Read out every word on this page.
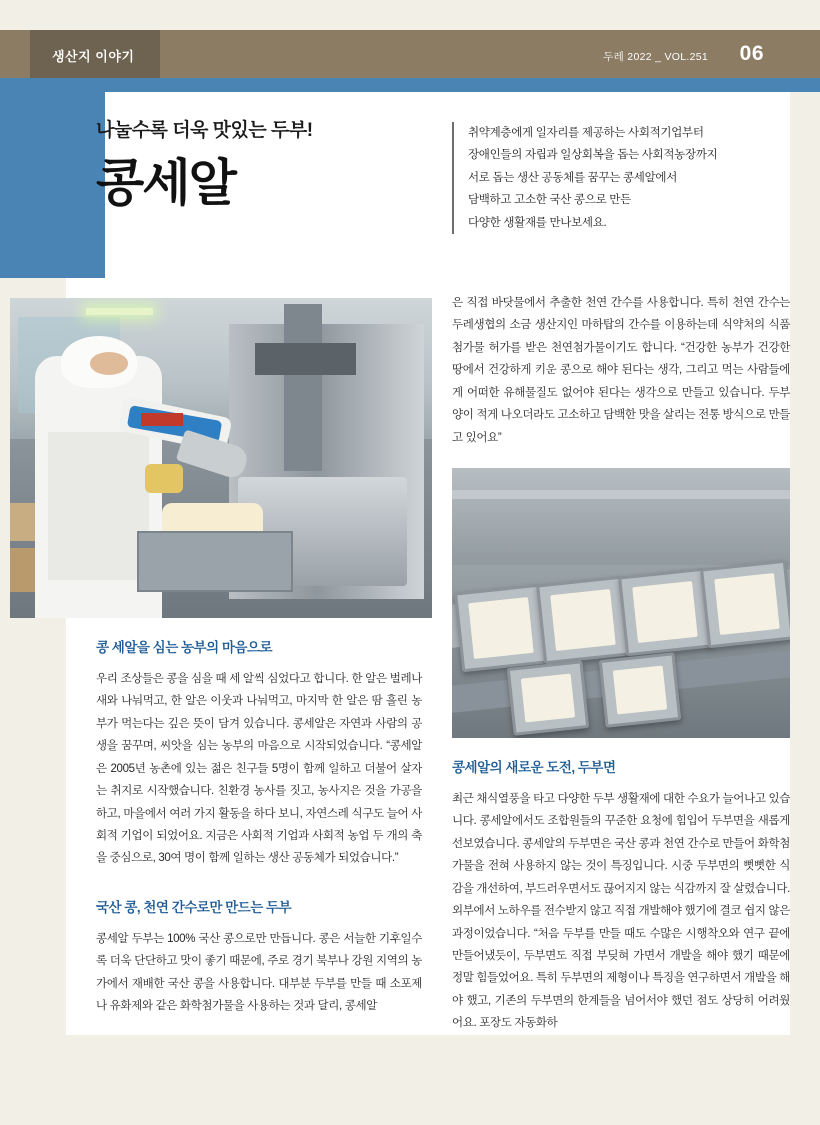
생산지 이야기	두레 2022 _ VOL.251 06
나눌수록 더욱 맛있는 두부!
콩세알
취약계층에게 일자리를 제공하는 사회적기업부터
장애인들의 자립과 일상회복을 돕는 사회적농장까지
서로 돕는 생산 공동체를 꿈꾸는 콩세알에서
담백하고 고소한 국산 콩으로 만든
다양한 생활재를 만나보세요.
콩 세알을 심는 농부의 마음으로

우리 조상들은 콩을 심을 때 세 알씩 심었다고 합니다. 한 알은 벌레나 새와 나눠먹고, 한 알은 이웃과 나눠먹고, 마지막 한 알은 땀 흘린 농부가 먹는다는 깊은 뜻이 담겨 있습니다. 콩세알은 자연과 사람의 공생을 꿈꾸며, 씨앗을 심는 농부의 마음으로 시작되었습니다. “콩세알은 2005년 농촌에 있는 젊은 친구들 5명이 함께 일하고 더불어 살자는 취지로 시작했습니다. 친환경 농사를 짓고, 농사지은 것을 가공을 하고, 마을에서 여러 가지 활동을 하다 보니, 자연스레 식구도 늘어 사회적 기업이 되었어요. 지금은 사회적 기업과 사회적 농업 두 개의 축을 중심으로, 30여 명이 함께 일하는 생산 공동체가 되었습니다.”

국산 콩, 천연 간수로만 만드는 두부

콩세알 두부는 100% 국산 콩으로만 만듭니다. 콩은 서늘한 기후일수록 더욱 단단하고 맛이 좋기 때문에, 주로 경기 북부나 강원 지역의 농가에서 재배한 국산 콩을 사용합니다. 대부분 두부를 만들 때 소포제나 유화제와 같은 화학첨가물을 사용하는 것과 달리, 콩세알

은 직접 바닷물에서 추출한 천연 간수를 사용합니다. 특히 천연 간수는 두레생협의 소금 생산지인 마하탑의 간수를 이용하는데 식약처의 식품첨가물 허가를 받은 천연첨가물이기도 합니다. “건강한 농부가 건강한 땅에서 건강하게 키운 콩으로 해야 된다는 생각, 그리고 먹는 사람들에게 어떠한 유해물질도 없어야 된다는 생각으로 만들고 있습니다. 두부 양이 적게 나오더라도 고소하고 담백한 맛을 살리는 전통 방식으로 만들고 있어요”

콩세알의 새로운 도전, 두부면

최근 채식열풍을 타고 다양한 두부 생활재에 대한 수요가 늘어나고 있습니다. 콩세알에서도 조합원들의 꾸준한 요청에 힘입어 두부면을 새롭게 선보였습니다. 콩세알의 두부면은 국산 콩과 천연 간수로 만들어 화학첨가물을 전혀 사용하지 않는 것이 특징입니다. 시중 두부면의 뻣뻣한 식감을 개선하여, 부드러우면서도 끊어지지 않는 식감까지 잘 살렸습니다. 외부에서 노하우를 전수받지 않고 직접 개발해야 했기에 결코 쉽지 않은 과정이었습니다. “처음 두부를 만들 때도 수많은 시행착오와 연구 끝에 만들어냈듯이, 두부면도 직접 부딪혀 가면서 개발을 해야 했기 때문에 정말 힘들었어요. 특히 두부면의 제형이나 특징을 연구하면서 개발을 해야 했고, 기존의 두부면의 한계들을 넘어서야 했던 점도 상당히 어려웠어요. 포장도 자동화하
